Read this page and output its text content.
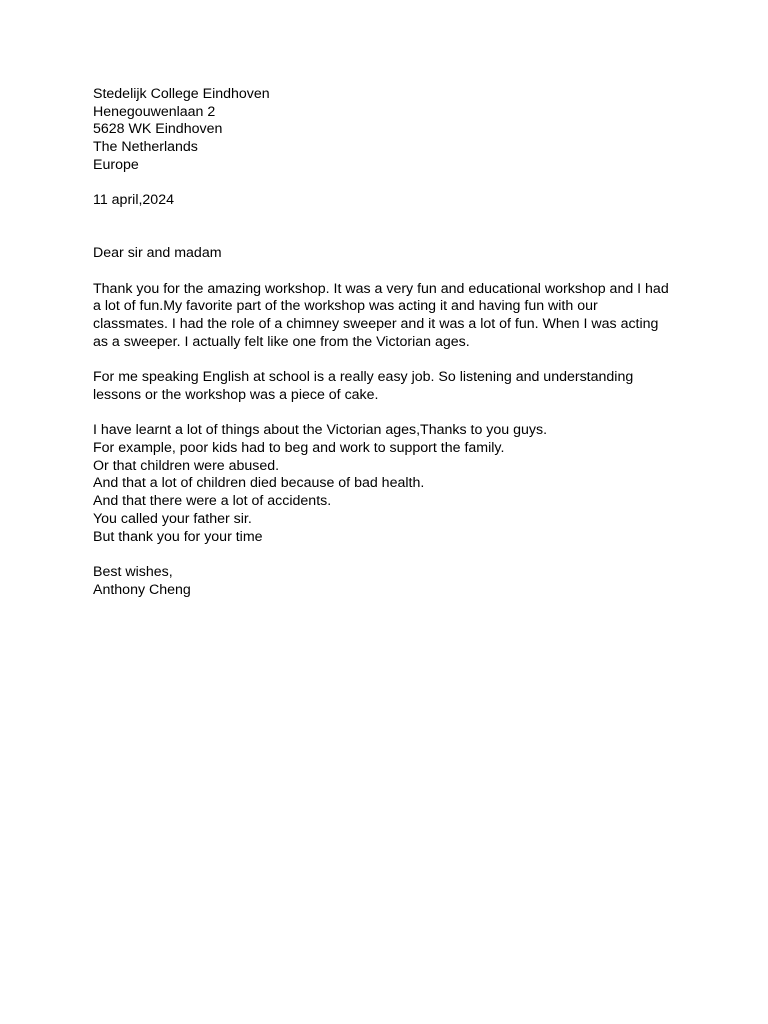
Stedelijk College Eindhoven
Henegouwenlaan 2
5628 WK Eindhoven
The Netherlands
Europe
11 april,2024
Dear sir and madam
Thank you for the amazing workshop. It was a very fun and educational workshop and I had
a lot of fun.My favorite part of the workshop was acting it and having fun with our
classmates. I had the role of a chimney sweeper and it was a lot of fun. When I was acting
as a sweeper. I actually felt like one from the Victorian ages.
For me speaking English at school is a really easy job. So listening and understanding
lessons or the workshop was a piece of cake.
I have learnt a lot of things about the Victorian ages,Thanks to you guys.
For example, poor kids had to beg and work to support the family.
Or that children were abused.
And that a lot of children died because of bad health.
And that there were a lot of accidents.
You called your father sir.
But thank you for your time
Best wishes,
Anthony Cheng
